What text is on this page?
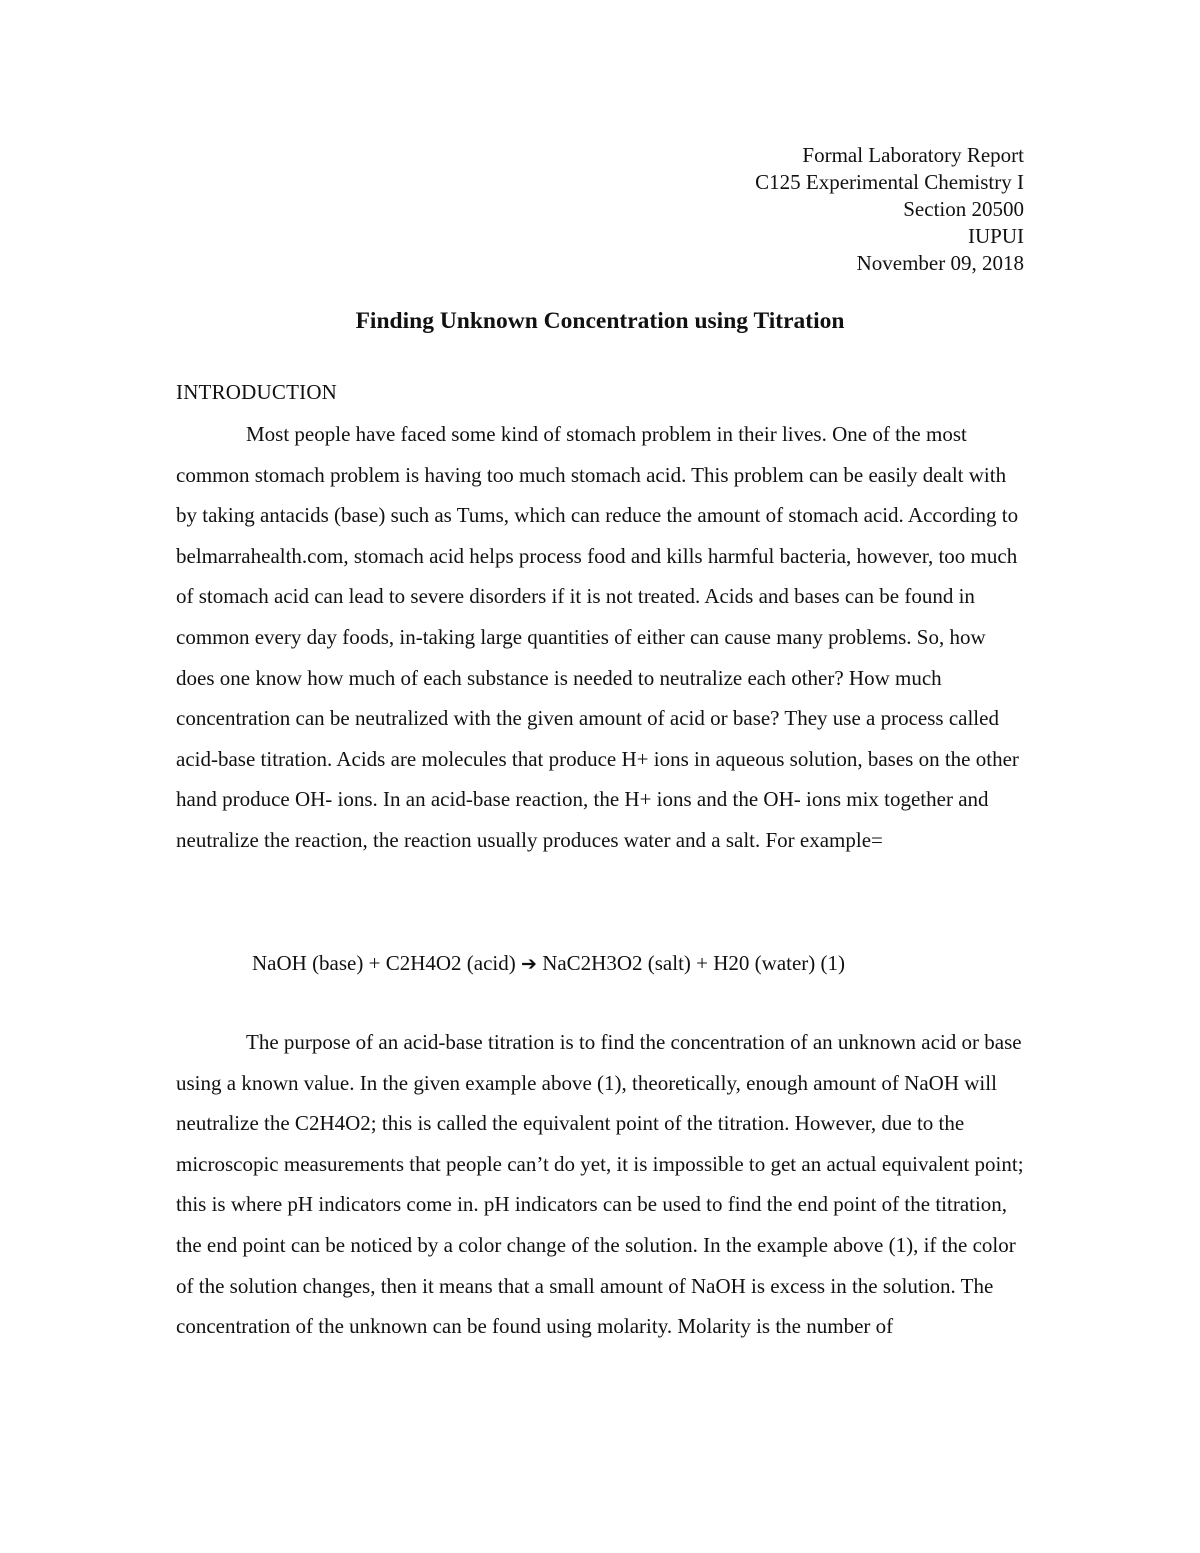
Formal Laboratory Report
C125 Experimental Chemistry I
Section 20500
IUPUI
November 09, 2018
Finding Unknown Concentration using Titration
INTRODUCTION

Most people have faced some kind of stomach problem in their lives. One of the most common stomach problem is having too much stomach acid. This problem can be easily dealt with by taking antacids (base) such as Tums, which can reduce the amount of stomach acid. According to belmarrahealth.com, stomach acid helps process food and kills harmful bacteria, however, too much of stomach acid can lead to severe disorders if it is not treated. Acids and bases can be found in common every day foods, in-taking large quantities of either can cause many problems. So, how does one know how much of each substance is needed to neutralize each other? How much concentration can be neutralized with the given amount of acid or base? They use a process called acid-base titration. Acids are molecules that produce H+ ions in aqueous solution, bases on the other hand produce OH- ions. In an acid-base reaction, the H+ ions and the OH- ions mix together and neutralize the reaction, the reaction usually produces water and a salt. For example=

NaOH (base) + C2H4O2 (acid) ➔ NaC2H3O2 (salt) + H20 (water) (1)

The purpose of an acid-base titration is to find the concentration of an unknown acid or base using a known value. In the given example above (1), theoretically, enough amount of NaOH will neutralize the C2H4O2; this is called the equivalent point of the titration. However, due to the microscopic measurements that people can’t do yet, it is impossible to get an actual equivalent point; this is where pH indicators come in. pH indicators can be used to find the end point of the titration, the end point can be noticed by a color change of the solution. In the example above (1), if the color of the solution changes, then it means that a small amount of NaOH is excess in the solution. The concentration of the unknown can be found using molarity. Molarity is the number of
